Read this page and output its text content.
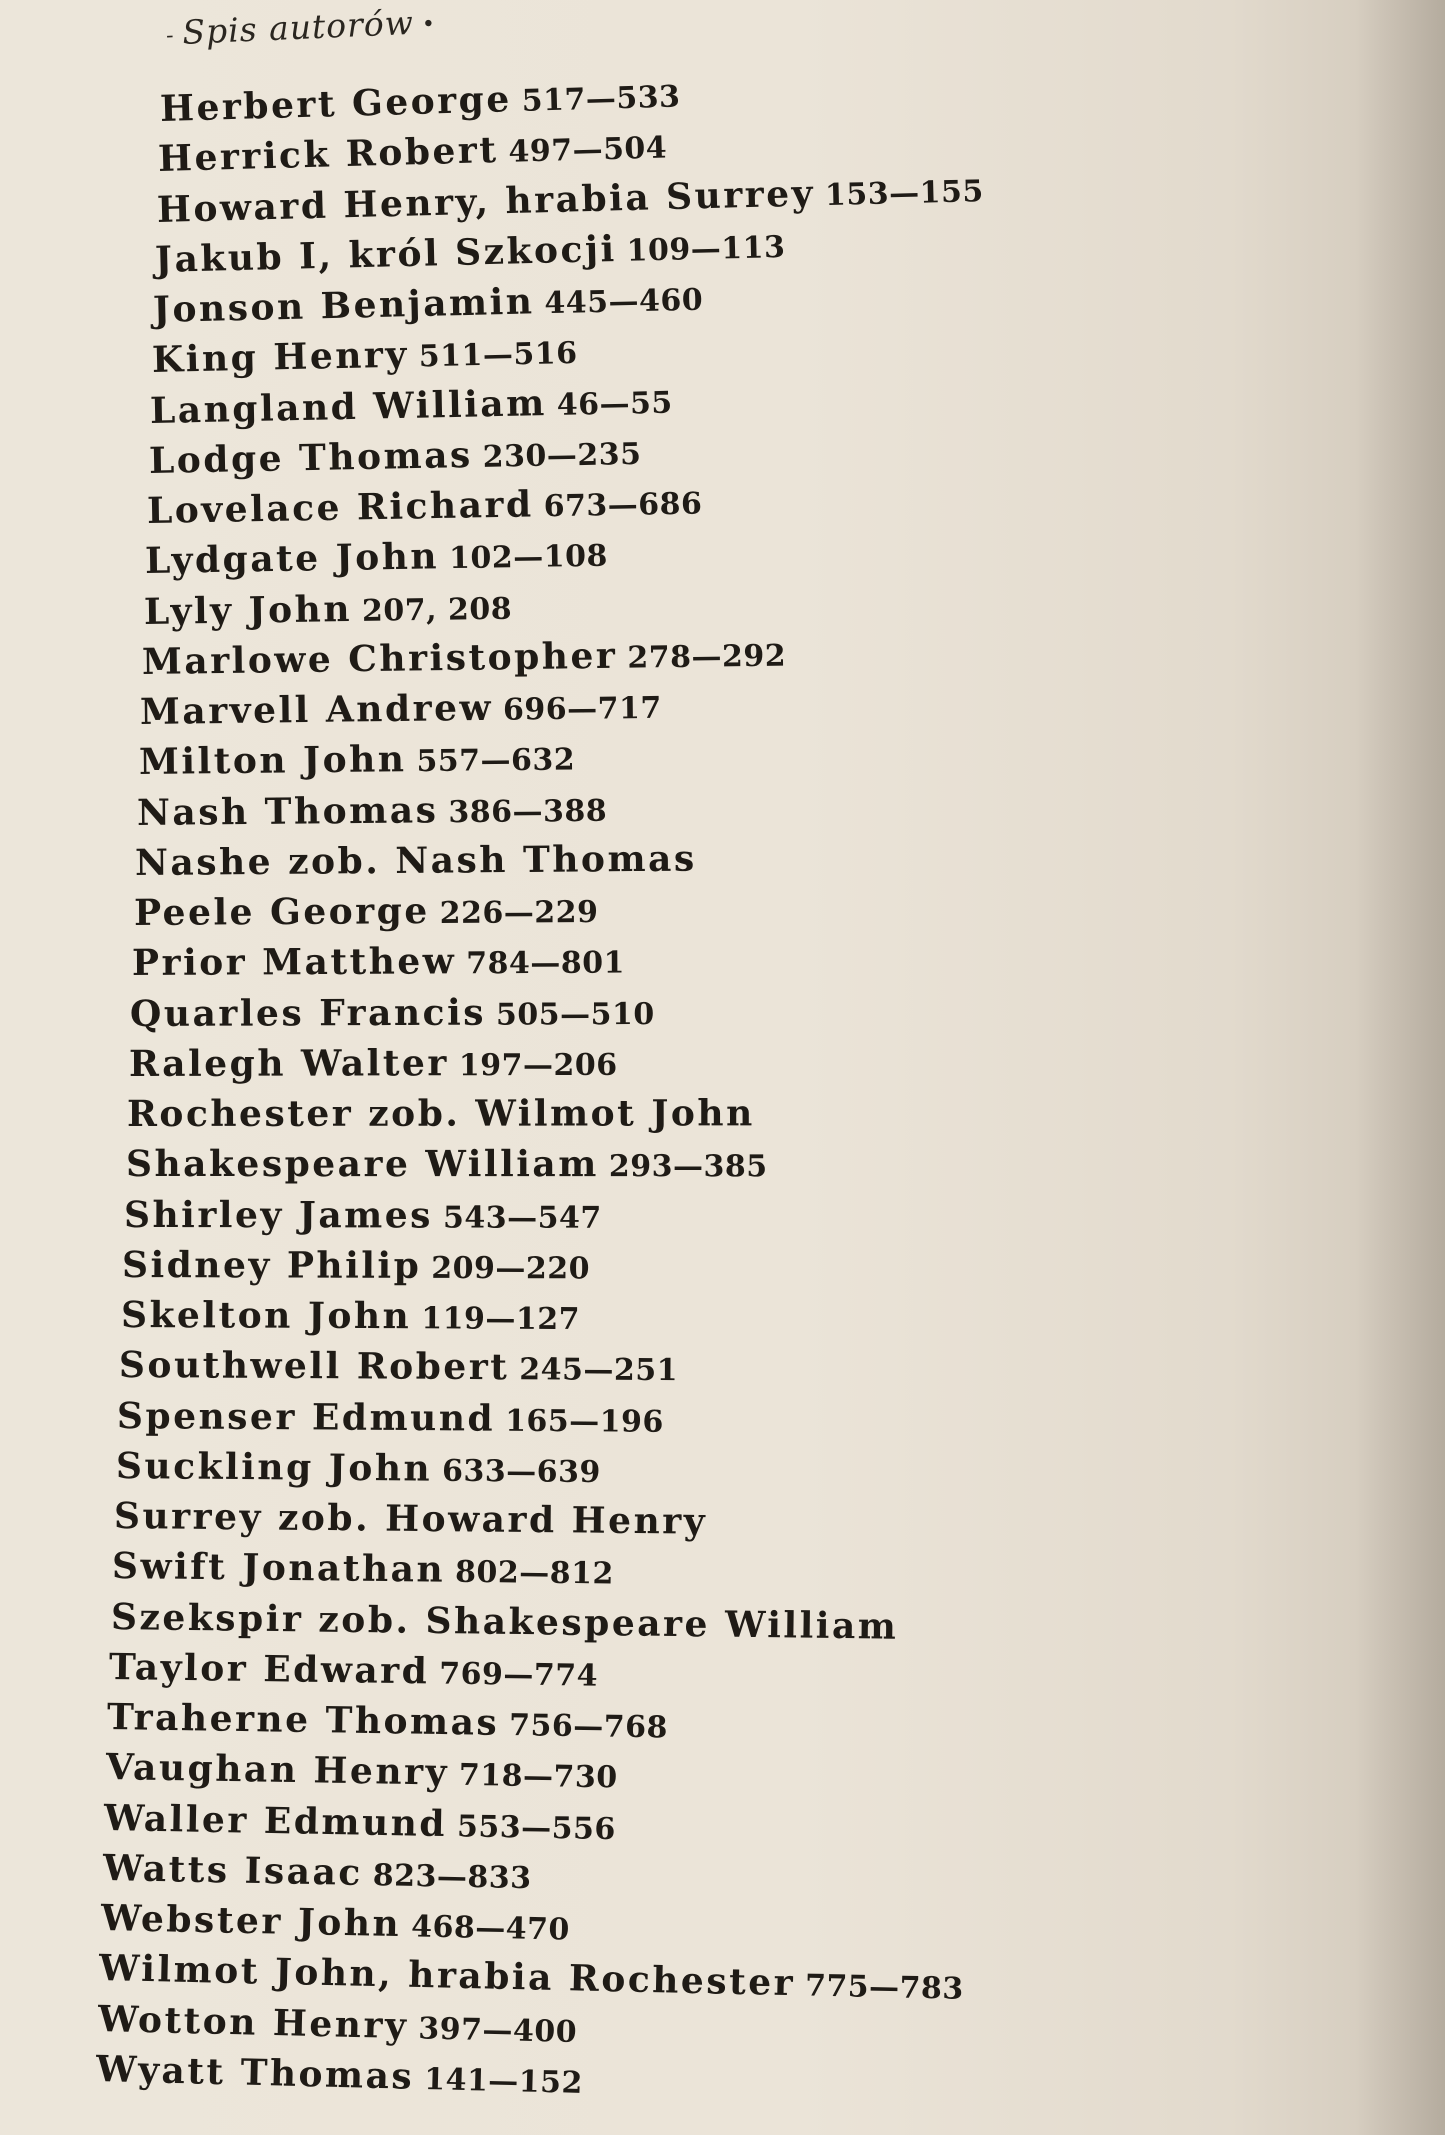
- Spis autorów •
Herbert George 517—533
Herrick Robert 497—504
Howard Henry, hrabia Surrey 153—155
Jakub I, król Szkocji 109—113
Jonson Benjamin 445—460
King Henry 511—516
Langland William 46—55
Lodge Thomas 230—235
Lovelace Richard 673—686
Lydgate John 102—108
Lyly John 207, 208
Marlowe Christopher 278—292
Marvell Andrew 696—717
Milton John 557—632
Nash Thomas 386—388
Nashe zob. Nash Thomas
Peele George 226—229
Prior Matthew 784—801
Quarles Francis 505—510
Ralegh Walter 197—206
Rochester zob. Wilmot John
Shakespeare William 293—385
Shirley James 543—547
Sidney Philip 209—220
Skelton John 119—127
Southwell Robert 245—251
Spenser Edmund 165—196
Suckling John 633—639
Surrey zob. Howard Henry
Swift Jonathan 802—812
Szekspir zob. Shakespeare William
Taylor Edward 769—774
Traherne Thomas 756—768
Vaughan Henry 718—730
Waller Edmund 553—556
Watts Isaac 823—833
Webster John 468—470
Wilmot John, hrabia Rochester 775—783
Wotton Henry 397—400
Wyatt Thomas 141—152
